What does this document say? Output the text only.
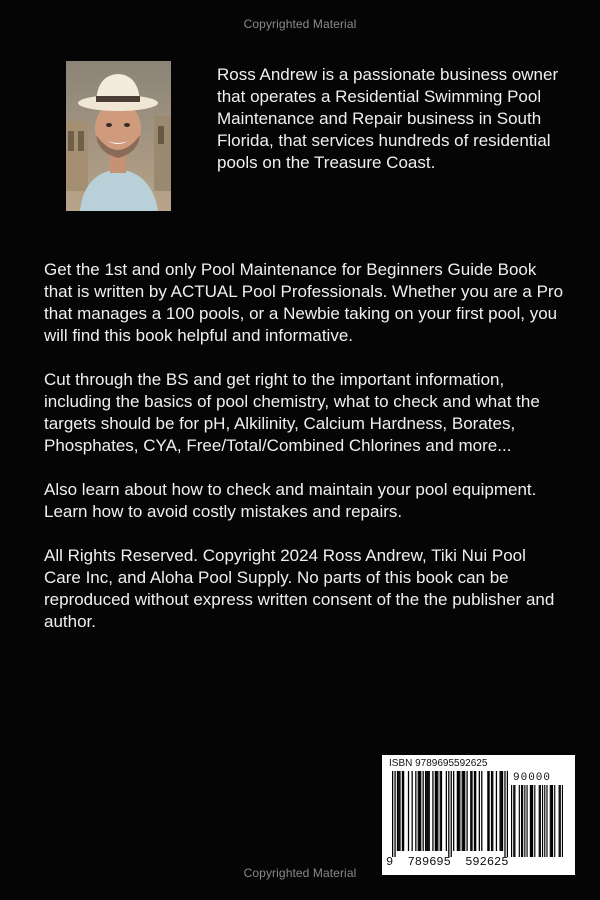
Copyrighted Material
Ross Andrew is a passionate business owner that operates a Residential Swimming Pool Maintenance and Repair business in South Florida, that services hundreds of residential pools on the Treasure Coast.

Get the 1st and only Pool Maintenance for Beginners Guide Book that is written by ACTUAL Pool Professionals. Whether you are a Pro that manages a 100 pools, or a Newbie taking on your first pool, you will find this book helpful and informative.

Cut through the BS and get right to the important information, including the basics of pool chemistry, what to check and what the targets should be for pH, Alkilinity, Calcium Hardness, Borates, Phosphates, CYA, Free/Total/Combined Chlorines and more...

Also learn about how to check and maintain your pool equipment. Learn how to avoid costly mistakes and repairs.

All Rights Reserved. Copyright 2024 Ross Andrew, Tiki Nui Pool Care Inc, and Aloha Pool Supply. No parts of this book can be reproduced without express written consent of the the publisher and author.

ISBN 9789695592625
90000
9 789695 592625
Copyrighted Material
